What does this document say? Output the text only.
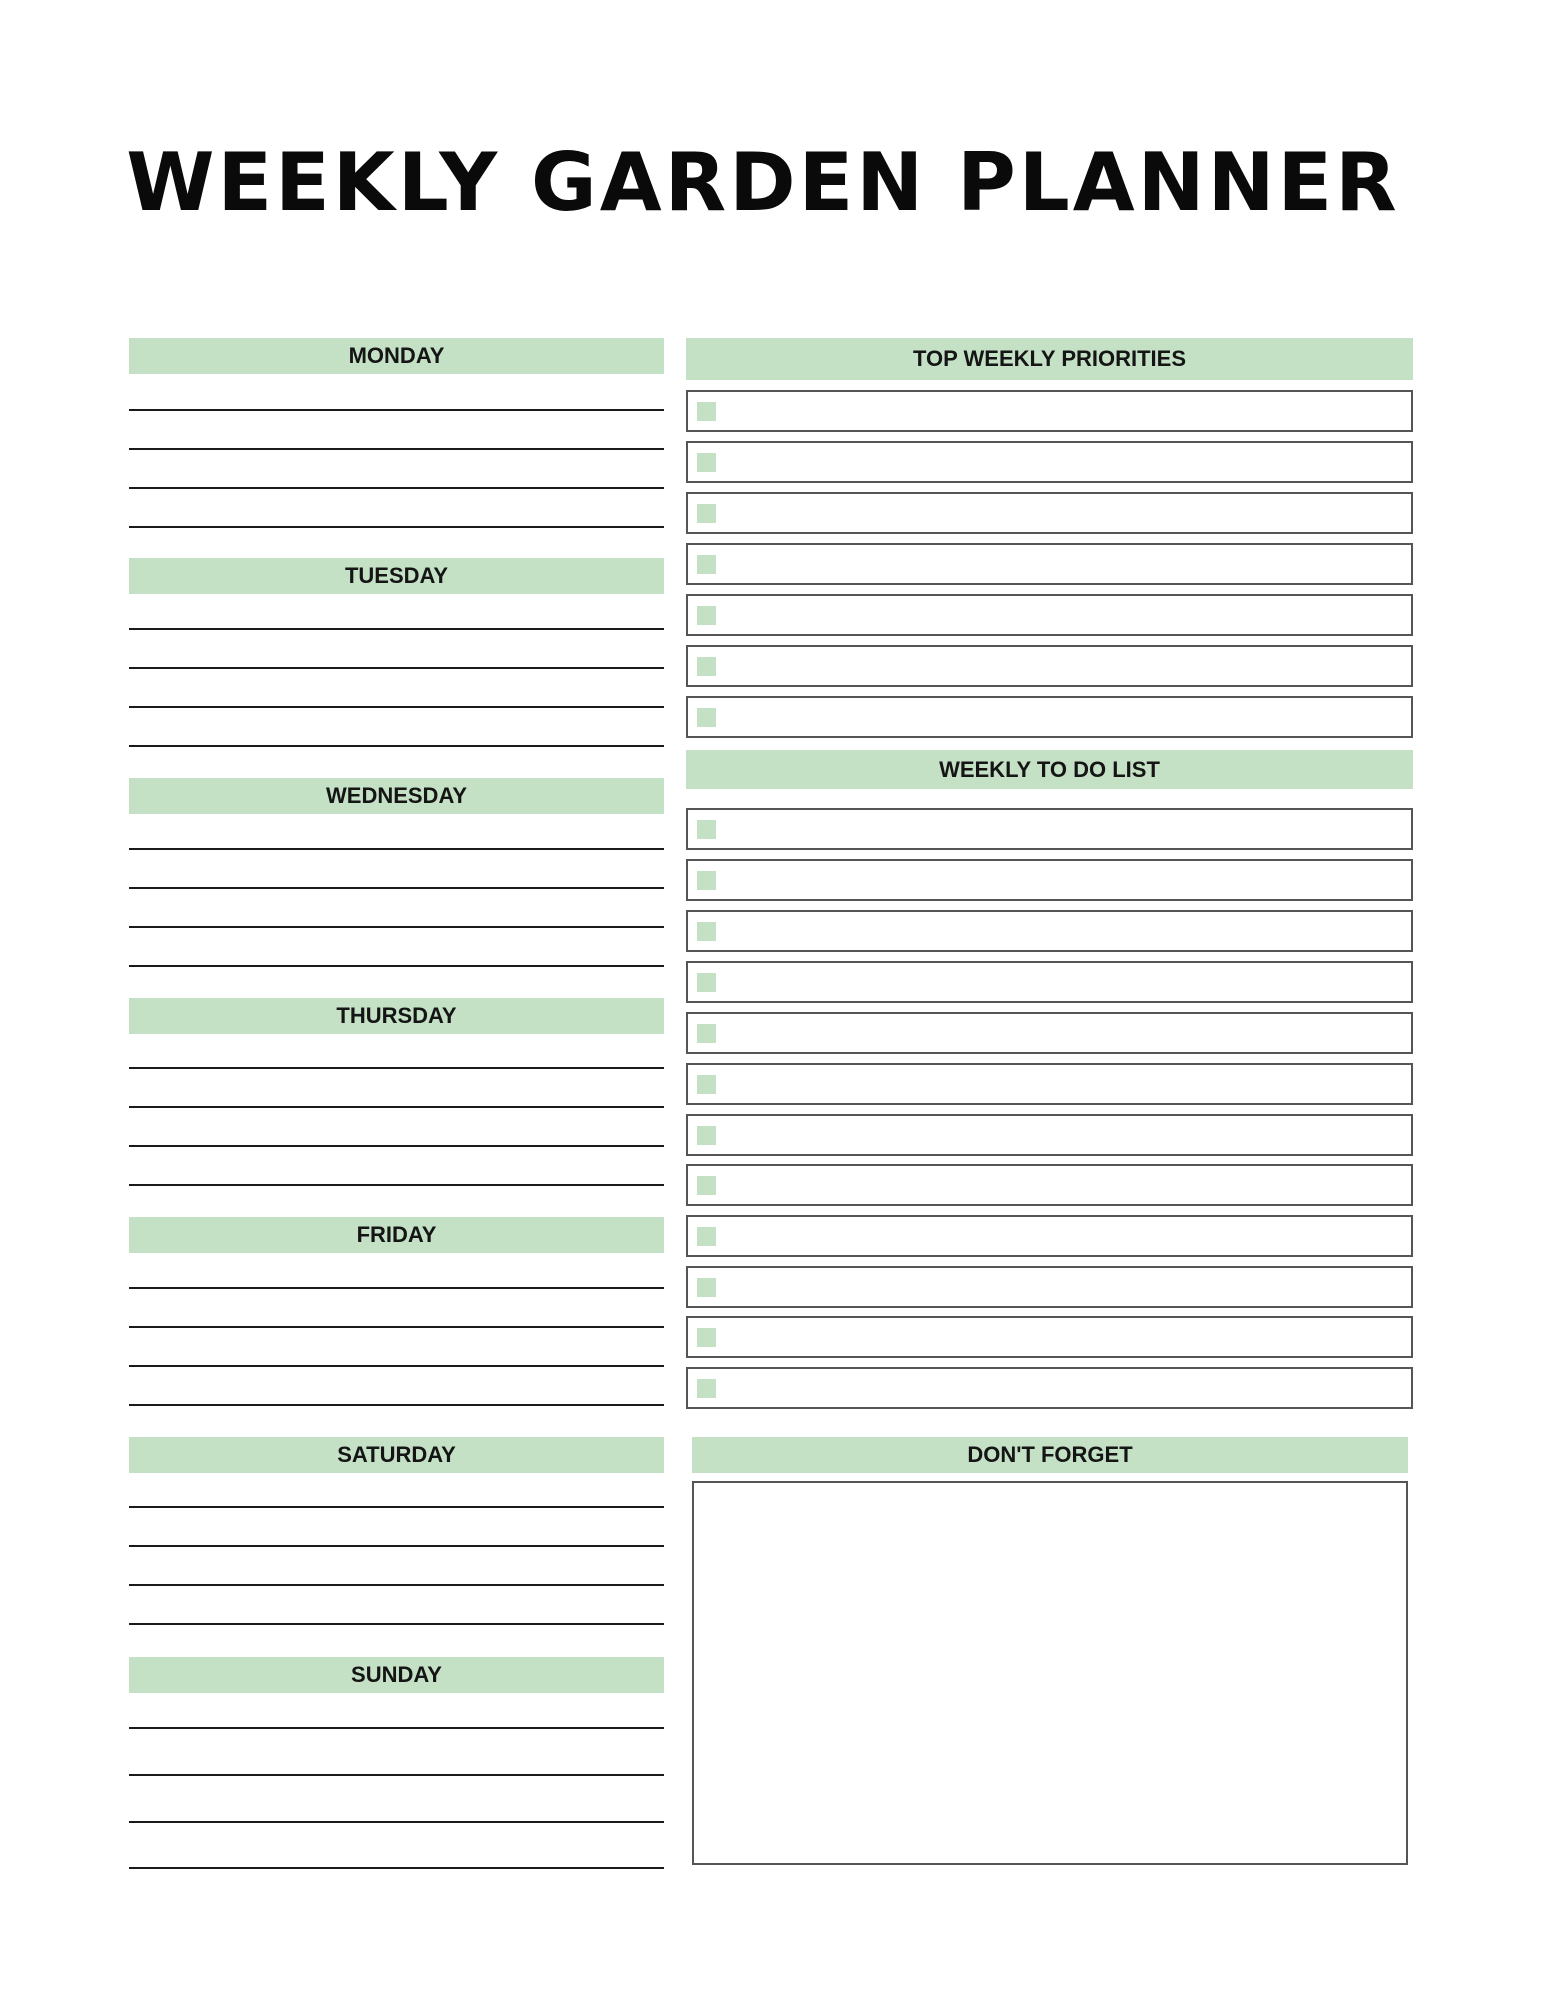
WEEKLY GARDEN PLANNER
MONDAY
TUESDAY
WEDNESDAY
THURSDAY
FRIDAY
SATURDAY
SUNDAY
TOP WEEKLY PRIORITIES
WEEKLY TO DO LIST
DON'T FORGET
